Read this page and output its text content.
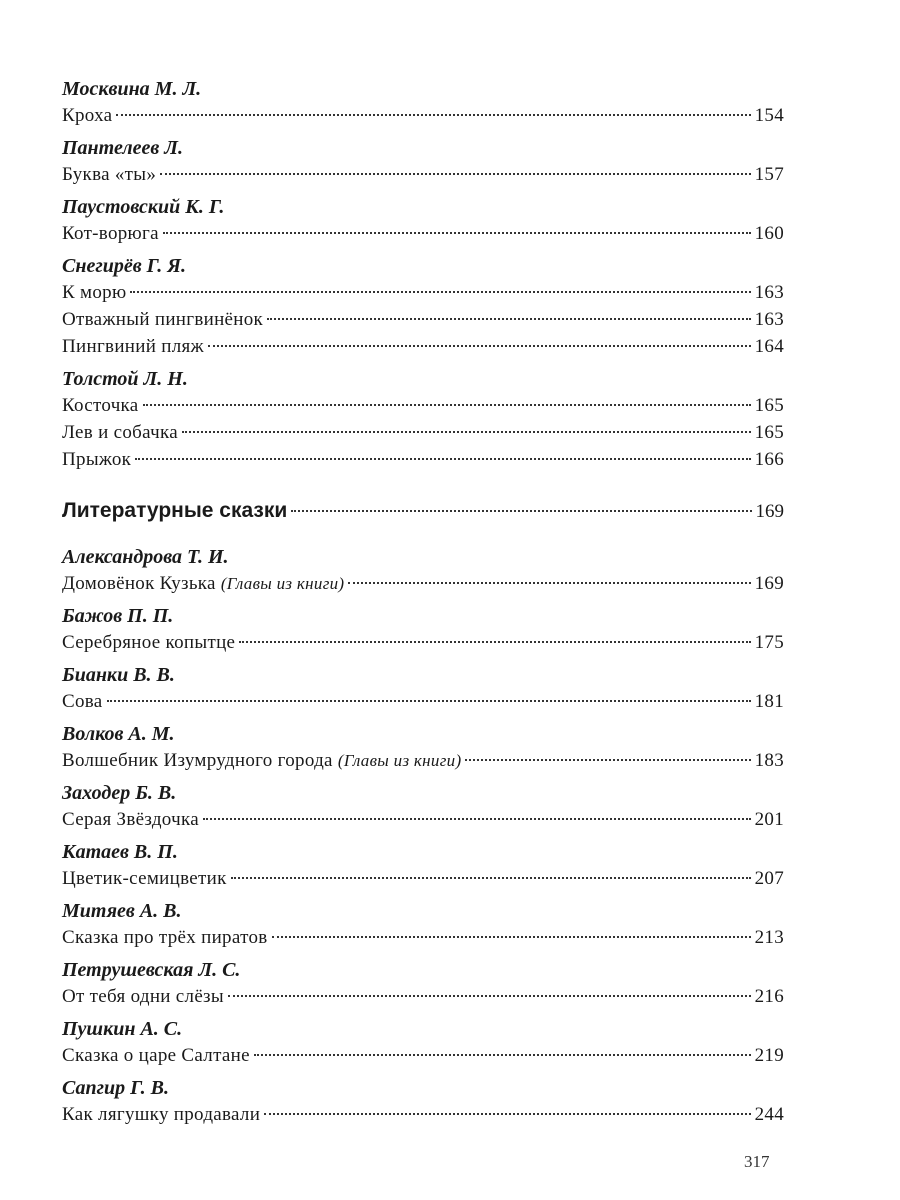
Москвина М. Л.
Кроха	154
Пантелеев Л.
Буква «ты»	157
Паустовский К. Г.
Кот-ворюга	160
Снегирёв Г. Я.
К морю	163
Отважный пингвинёнок	163
Пингвиний пляж	164
Толстой Л. Н.
Косточка	165
Лев и собачка	165
Прыжок	166
Литературные сказки	169
Александрова Т. И.
Домовёнок Кузька (Главы из книги)	169
Бажов П. П.
Серебряное копытце	175
Бианки В. В.
Сова	181
Волков А. М.
Волшебник Изумрудного города (Главы из книги)	183
Заходер Б. В.
Серая Звёздочка	201
Катаев В. П.
Цветик-семицветик	207
Митяев А. В.
Сказка про трёх пиратов	213
Петрушевская Л. С.
От тебя одни слёзы	216
Пушкин А. С.
Сказка о царе Салтане	219
Сапгир Г. В.
Как лягушку продавали	244
317
